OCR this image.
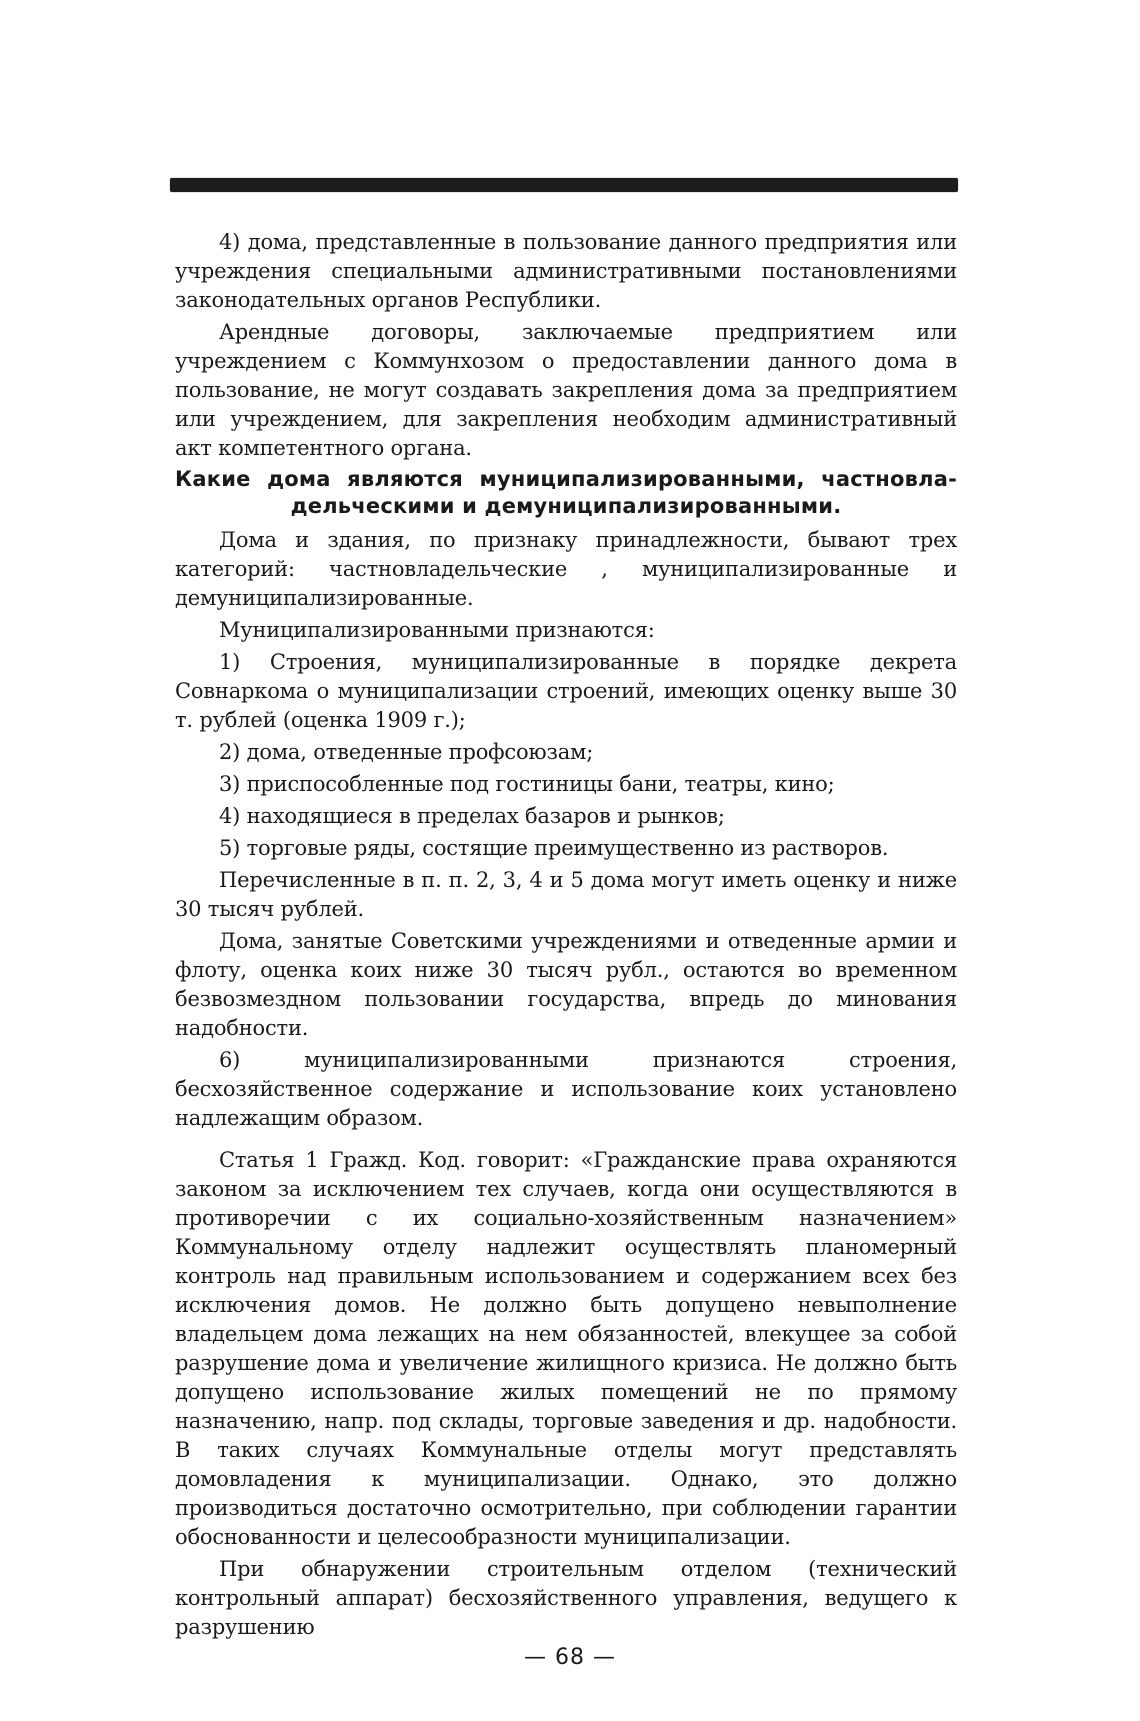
4) дома, представленные в пользование данного предприятия или учреждения специальными административными постановлениями законодательных органов Республики.

Арендные договоры, заключаемые предприятием или учреждением с Коммунхозом о предоставлении данного дома в пользование, не могут создавать закрепления дома за предприятием или учреждением, для закрепления необходим административный акт компетентного органа.

Какие дома являются муниципализированными, частновла-
дельческими и демуниципализированными.

Дома и здания, по признаку принадлежности, бывают трех категорий: частновладельческие , муниципализированные и демуниципализированные.

Муниципализированными признаются:

1) Строения, муниципализированные в порядке декрета Совнаркома о муниципализации строений, имеющих оценку выше 30 т. рублей (оценка 1909 г.);

2) дома, отведенные профсоюзам;

3) приспособленные под гостиницы бани, театры, кино;

4) находящиеся в пределах базаров и рынков;

5) торговые ряды, состящие преимущественно из растворов.

Перечисленные в п. п. 2, 3, 4 и 5 дома могут иметь оценку и ниже 30 тысяч рублей.

Дома, занятые Советскими учреждениями и отведенные армии и флоту, оценка коих ниже 30 тысяч рубл., остаются во временном безвозмездном пользовании государства, впредь до минования надобности.

6) муниципализированными признаются строения, бесхозяйственное содержание и использование коих установлено надлежащим образом.

Статья 1 Гражд. Код. говорит: «Гражданские права охраняются законом за исключением тех случаев, когда они осуществляются в противоречии с их социально-хозяйственным назначением» Коммунальному отделу надлежит осуществлять планомерный контроль над правильным использованием и содержанием всех без исключения домов. Не должно быть допущено невыполнение владельцем дома лежащих на нем обязанностей, влекущее за собой разрушение дома и увеличение жилищного кризиса. Не должно быть допущено использование жилых помещений не по прямому назначению, напр. под склады, торговые заведения и др. надобности. В таких случаях Коммунальные отделы могут представлять домовладения к муниципализации. Однако, это должно производиться достаточно осмотрительно, при соблюдении гарантии обоснованности и целесообразности муниципализации.

При обнаружении строительным отделом (технический контрольный аппарат) бесхозяйственного управления, ведущего к разрушению

— 68 —
